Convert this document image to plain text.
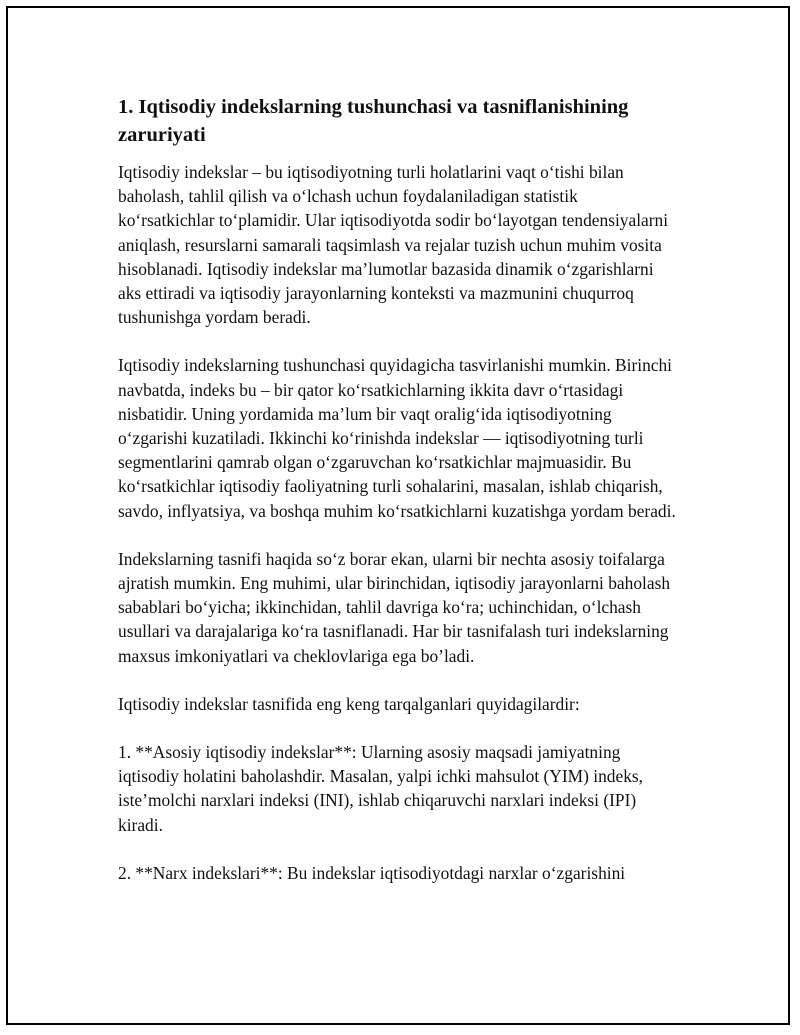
1. Iqtisodiy indekslarning tushunchasi va tasniflanishining zaruriyati

Iqtisodiy indekslar – bu iqtisodiyotning turli holatlarini vaqt o‘tishi bilan baholash, tahlil qilish va o‘lchash uchun foydalaniladigan statistik ko‘rsatkichlar to‘plamidir. Ular iqtisodiyotda sodir bo‘layotgan tendensiyalarni aniqlash, resurslarni samarali taqsimlash va rejalar tuzish uchun muhim vosita hisoblanadi. Iqtisodiy indekslar ma’lumotlar bazasida dinamik o‘zgarishlarni aks ettiradi va iqtisodiy jarayonlarning konteksti va mazmunini chuqurroq tushunishga yordam beradi.

Iqtisodiy indekslarning tushunchasi quyidagicha tasvirlanishi mumkin. Birinchi navbatda, indeks bu – bir qator ko‘rsatkichlarning ikkita davr o‘rtasidagi nisbatidir. Uning yordamida ma’lum bir vaqt oralig‘ida iqtisodiyotning o‘zgarishi kuzatiladi. Ikkinchi ko‘rinishda indekslar — iqtisodiyotning turli segmentlarini qamrab olgan o‘zgaruvchan ko‘rsatkichlar majmuasidir. Bu ko‘rsatkichlar iqtisodiy faoliyatning turli sohalarini, masalan, ishlab chiqarish, savdo, inflyatsiya, va boshqa muhim ko‘rsatkichlarni kuzatishga yordam beradi.

Indekslarning tasnifi haqida so‘z borar ekan, ularni bir nechta asosiy toifalarga ajratish mumkin. Eng muhimi, ular birinchidan, iqtisodiy jarayonlarni baholash sabablari bo‘yicha; ikkinchidan, tahlil davriga ko‘ra; uchinchidan, o‘lchash usullari va darajalariga ko‘ra tasniflanadi. Har bir tasnifalash turi indekslarning maxsus imkoniyatlari va cheklovlariga ega bo’ladi.

Iqtisodiy indekslar tasnifida eng keng tarqalganlari quyidagilardir:

1. **Asosiy iqtisodiy indekslar**: Ularning asosiy maqsadi jamiyatning iqtisodiy holatini baholashdir. Masalan, yalpi ichki mahsulot (YIM) indeks, iste’molchi narxlari indeksi (INI), ishlab chiqaruvchi narxlari indeksi (IPI) kiradi.

2. **Narx indekslari**: Bu indekslar iqtisodiyotdagi narxlar o‘zgarishini
